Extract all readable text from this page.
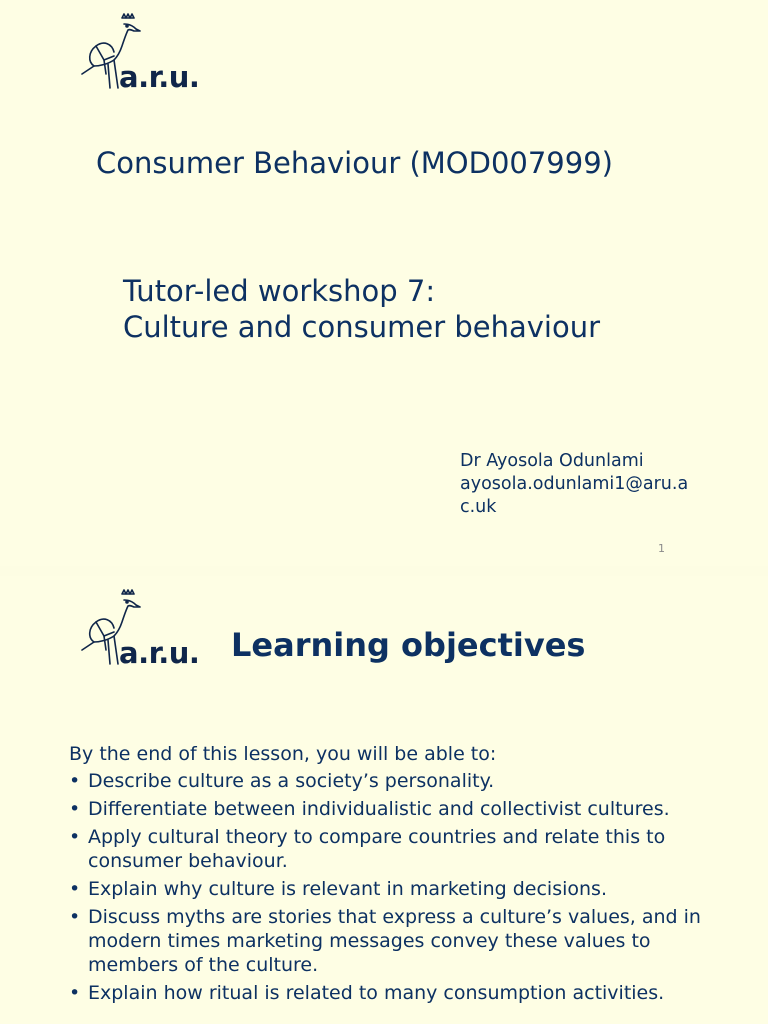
a.r.u.
Consumer Behaviour (MOD007999)
Tutor-led workshop 7:
Culture and consumer behaviour
Dr Ayosola Odunlami
ayosola.odunlami1@aru.a
c.uk
1
a.r.u. Learning objectives
By the end of this lesson, you will be able to:
• Describe culture as a society’s personality.
• Differentiate between individualistic and collectivist cultures.
• Apply cultural theory to compare countries and relate this to consumer behaviour.
• Explain why culture is relevant in marketing decisions.
• Discuss myths are stories that express a culture’s values, and in modern times marketing messages convey these values to members of the culture.
• Explain how ritual is related to many consumption activities.
